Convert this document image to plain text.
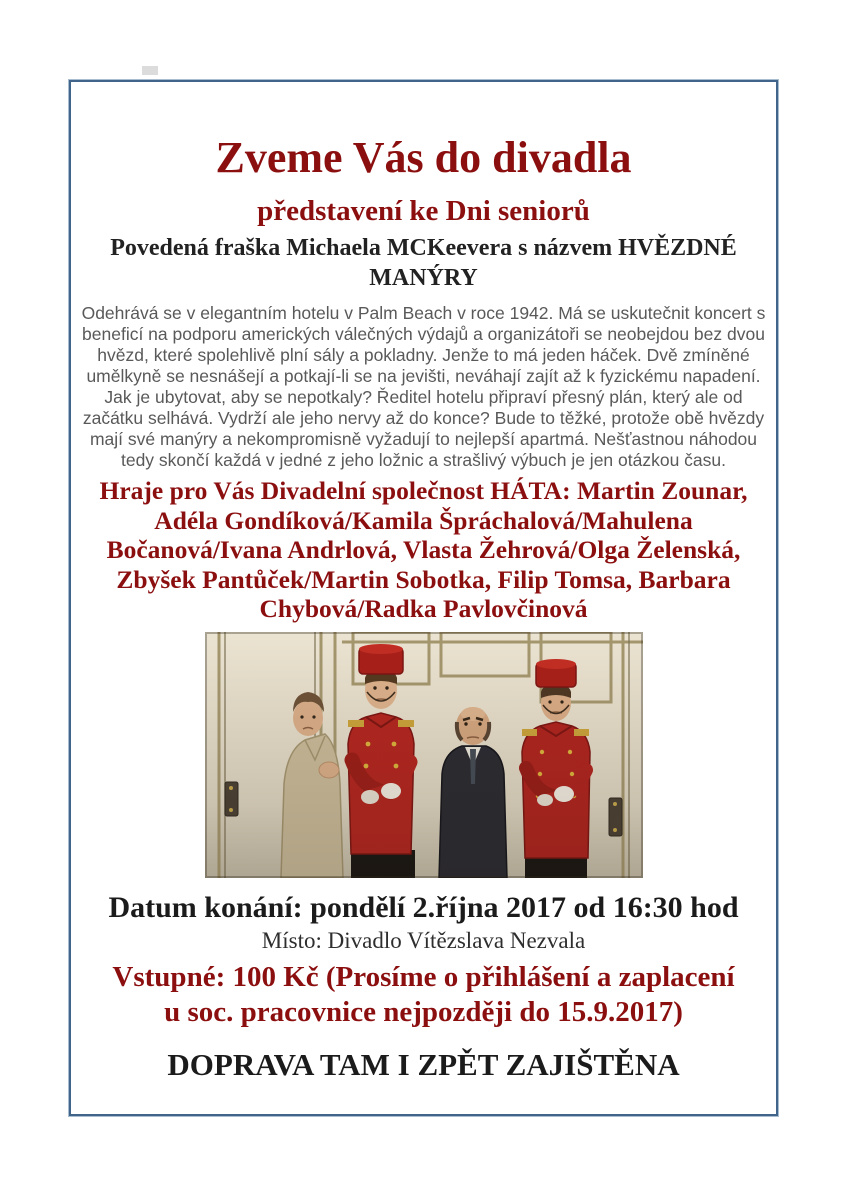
Zveme Vás do divadla
představení ke Dni seniorů
Povedená fraška Michaela MCKeevera s názvem HVĚZDNÉ
MANÝRY
Odehrává se v elegantním hotelu v Palm Beach v roce 1942. Má se uskutečnit koncert s
beneficí na podporu amerických válečných výdajů a organizátoři se neobejdou bez dvou
hvězd, které spolehlivě plní sály a pokladny. Jenže to má jeden háček. Dvě zmíněné
umělkyně se nesnášejí a potkají-li se na jevišti, neváhají zajít až k fyzickému napadení.
Jak je ubytovat, aby se nepotkaly? Ředitel hotelu připraví přesný plán, který ale od
začátku selhává. Vydrží ale jeho nervy až do konce? Bude to těžké, protože obě hvězdy
mají své manýry a nekompromisně vyžadují to nejlepší apartmá. Nešťastnou náhodou
tedy skončí každá v jedné z jeho ložnic a strašlivý výbuch je jen otázkou času.
Hraje pro Vás Divadelní společnost HÁTA: Martin Zounar,
Adéla Gondíková/Kamila Špráchalová/Mahulena
Bočanová/Ivana Andrlová, Vlasta Žehrová/Olga Želenská,
Zbyšek Pantůček/Martin Sobotka, Filip Tomsa, Barbara
Chybová/Radka Pavlovčinová
Datum konání: pondělí 2.října 2017 od 16:30 hod
Místo: Divadlo Vítězslava Nezvala
Vstupné: 100 Kč (Prosíme o přihlášení a zaplacení
u soc. pracovnice nejpozději do 15.9.2017)
DOPRAVA TAM I ZPĚT ZAJIŠTĚNA
